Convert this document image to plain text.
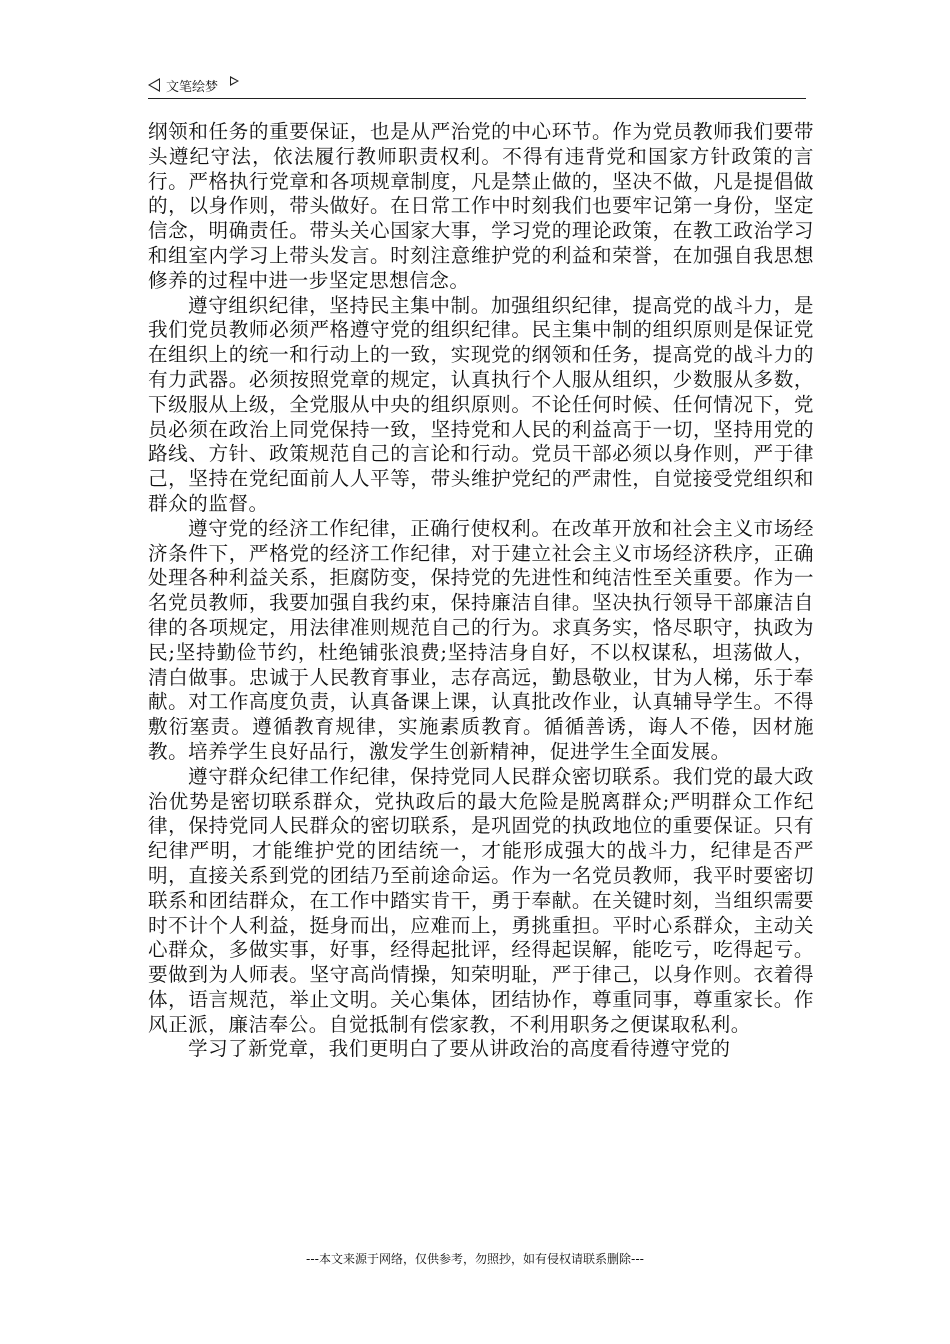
文笔绘梦

纲领和任务的重要保证，也是从严治党的中心环节。作为党员教师我们要带头遵纪守法，依法履行教师职责权利。不得有违背党和国家方针政策的言行。严格执行党章和各项规章制度，凡是禁止做的，坚决不做，凡是提倡做的，以身作则，带头做好。在日常工作中时刻我们也要牢记第一身份，坚定信念，明确责任。带头关心国家大事，学习党的理论政策，在教工政治学习和组室内学习上带头发言。时刻注意维护党的利益和荣誉，在加强自我思想修养的过程中进一步坚定思想信念。

遵守组织纪律，坚持民主集中制。加强组织纪律，提高党的战斗力，是我们党员教师必须严格遵守党的组织纪律。民主集中制的组织原则是保证党在组织上的统一和行动上的一致，实现党的纲领和任务，提高党的战斗力的有力武器。必须按照党章的规定，认真执行个人服从组织，少数服从多数，下级服从上级，全党服从中央的组织原则。不论任何时候、任何情况下，党员必须在政治上同党保持一致，坚持党和人民的利益高于一切，坚持用党的路线、方针、政策规范自己的言论和行动。党员干部必须以身作则，严于律己，坚持在党纪面前人人平等，带头维护党纪的严肃性，自觉接受党组织和群众的监督。

遵守党的经济工作纪律，正确行使权利。在改革开放和社会主义市场经济条件下，严格党的经济工作纪律，对于建立社会主义市场经济秩序，正确处理各种利益关系，拒腐防变，保持党的先进性和纯洁性至关重要。作为一名党员教师，我要加强自我约束，保持廉洁自律。坚决执行领导干部廉洁自律的各项规定，用法律准则规范自己的行为。求真务实，恪尽职守，执政为民;坚持勤俭节约，杜绝铺张浪费;坚持洁身自好，不以权谋私，坦荡做人，清白做事。忠诚于人民教育事业，志存高远，勤恳敬业，甘为人梯，乐于奉献。对工作高度负责，认真备课上课，认真批改作业，认真辅导学生。不得敷衍塞责。遵循教育规律，实施素质教育。循循善诱，诲人不倦，因材施教。培养学生良好品行，激发学生创新精神，促进学生全面发展。

遵守群众纪律工作纪律，保持党同人民群众密切联系。我们党的最大政治优势是密切联系群众，党执政后的最大危险是脱离群众;严明群众工作纪律，保持党同人民群众的密切联系，是巩固党的执政地位的重要保证。只有纪律严明，才能维护党的团结统一，才能形成强大的战斗力，纪律是否严明，直接关系到党的团结乃至前途命运。作为一名党员教师，我平时要密切联系和团结群众，在工作中踏实肯干，勇于奉献。在关键时刻，当组织需要时不计个人利益，挺身而出，应难而上，勇挑重担。平时心系群众，主动关心群众，多做实事，好事，经得起批评，经得起误解，能吃亏，吃得起亏。要做到为人师表。坚守高尚情操，知荣明耻，严于律己，以身作则。衣着得体，语言规范，举止文明。关心集体，团结协作，尊重同事，尊重家长。作风正派，廉洁奉公。自觉抵制有偿家教，不利用职务之便谋取私利。

学习了新党章，我们更明白了要从讲政治的高度看待遵守党的

---本文来源于网络，仅供参考，勿照抄，如有侵权请联系删除---
